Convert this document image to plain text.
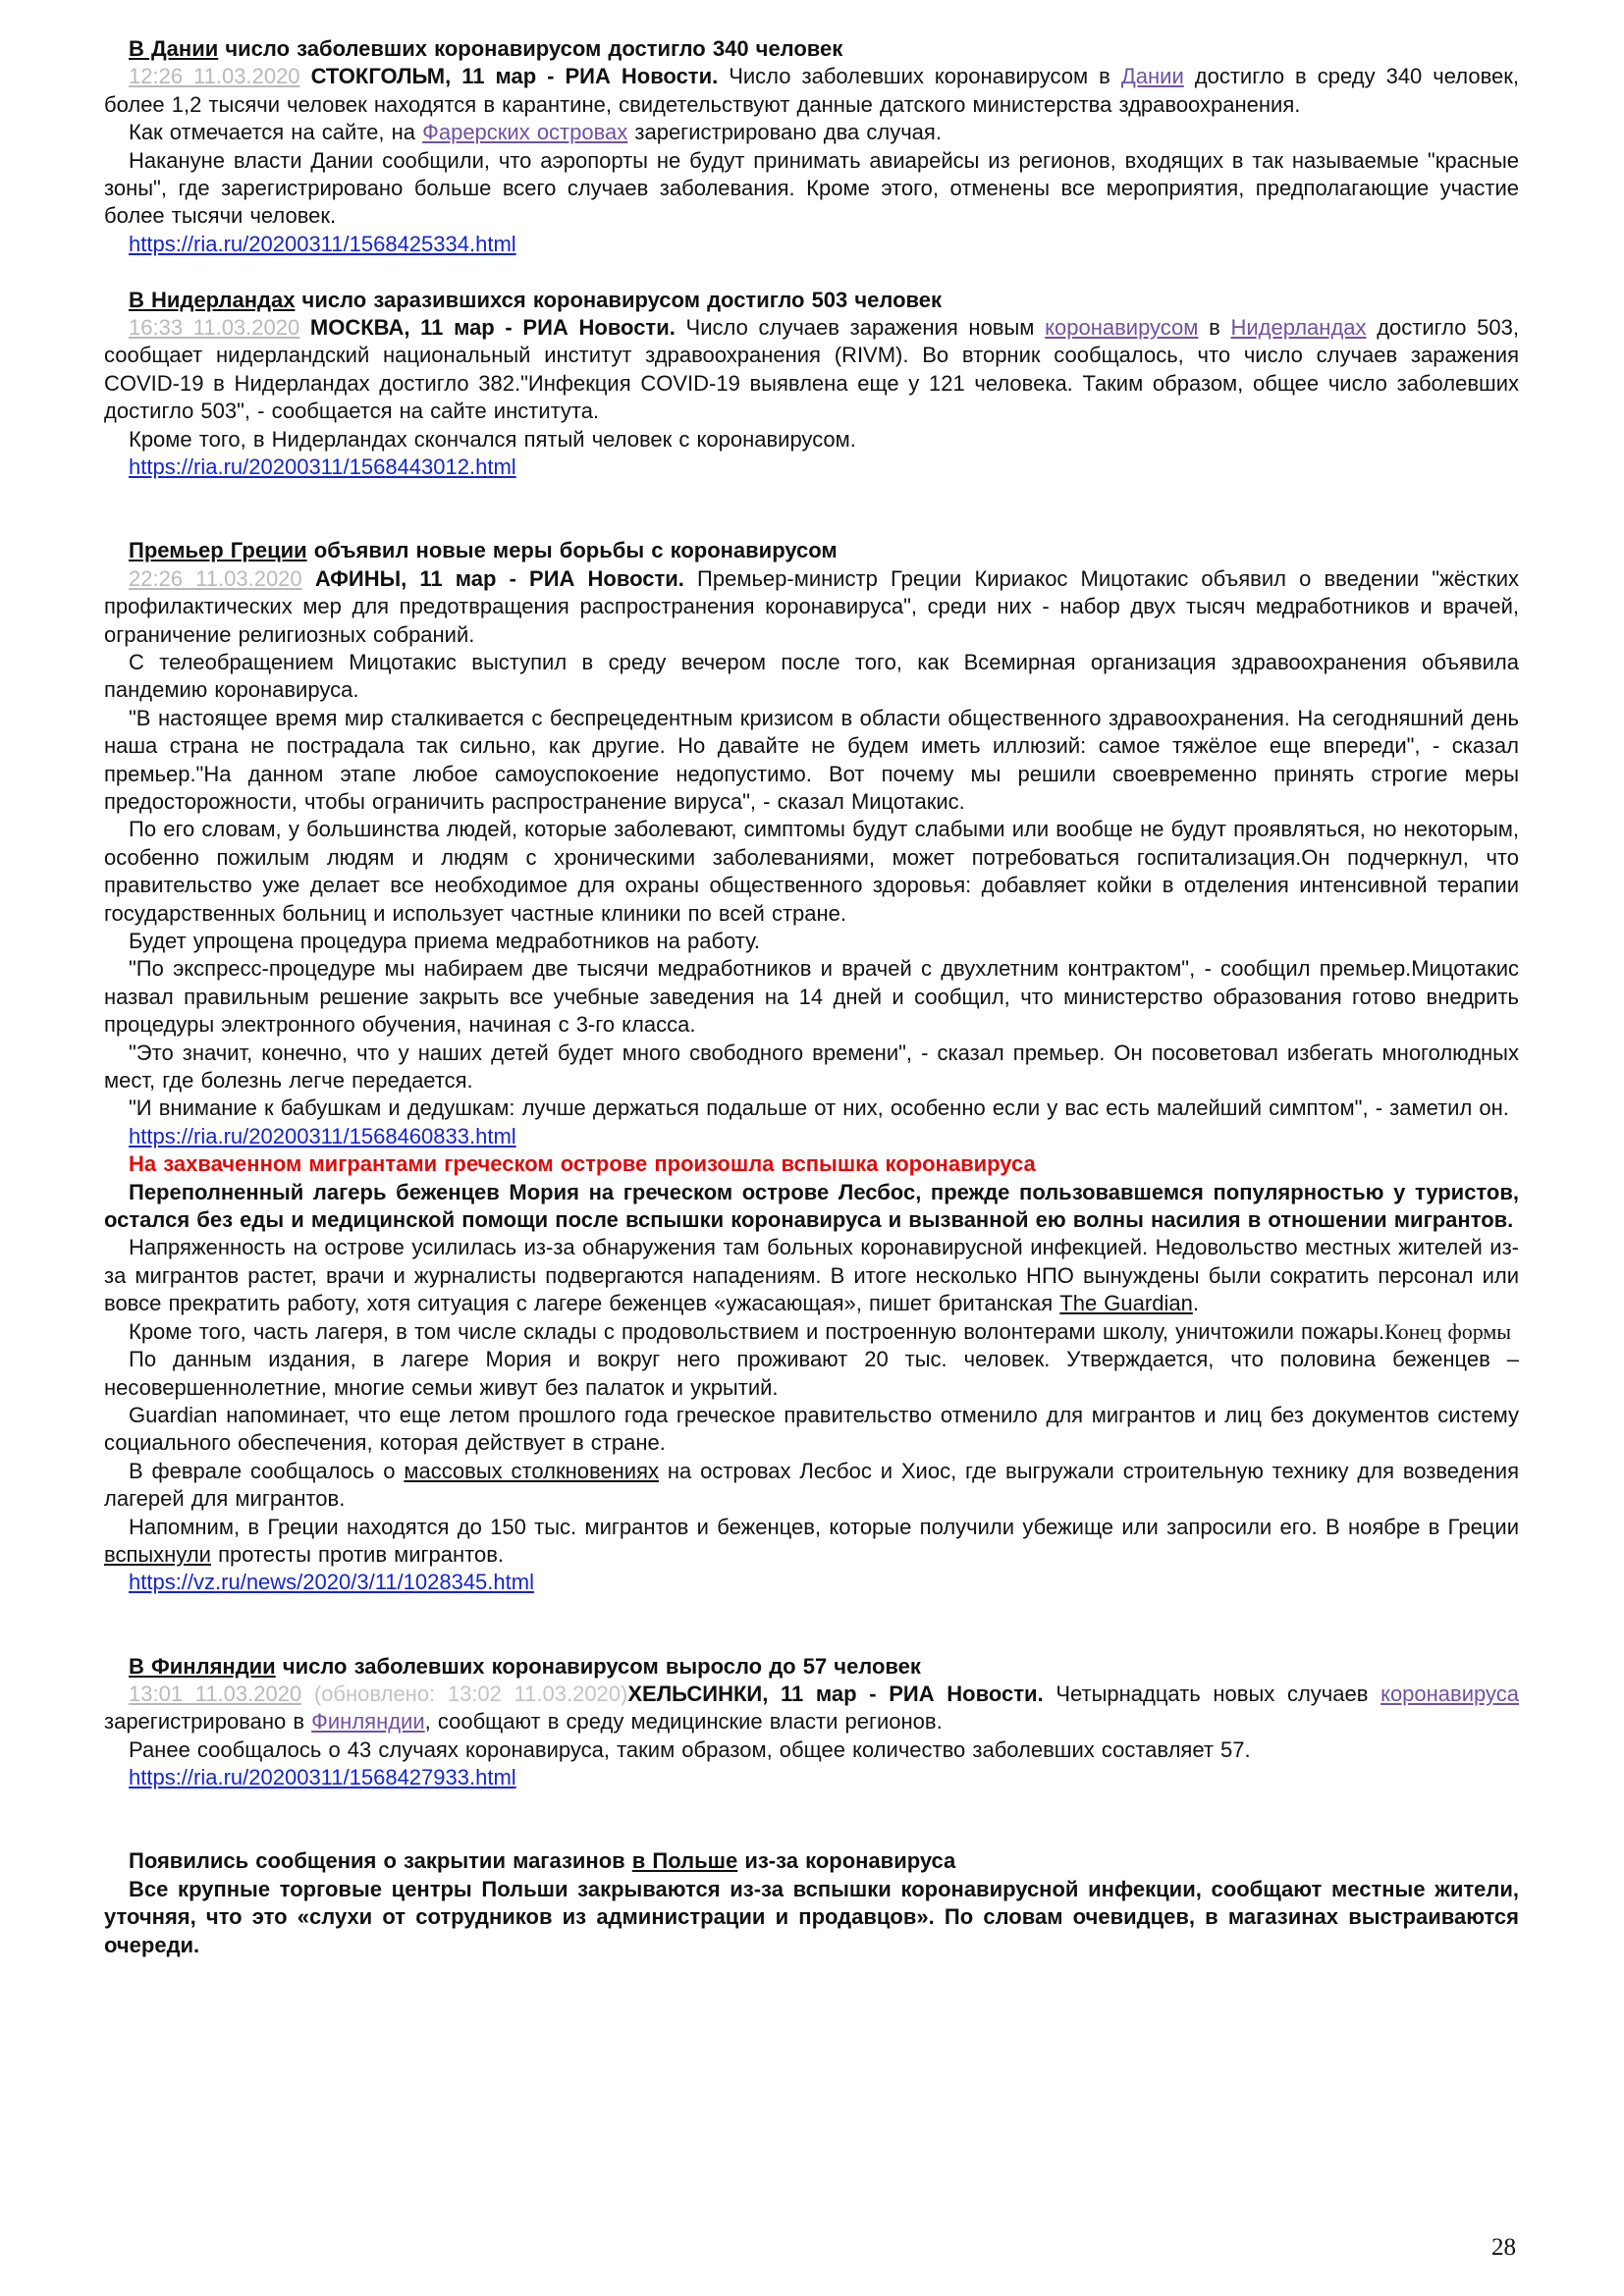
В Дании число заболевших коронавирусом достигло 340 человек

12:26 11.03.2020 СТОКГОЛЬМ, 11 мар - РИА Новости. Число заболевших коронавирусом в Дании достигло в среду 340 человек, более 1,2 тысячи человек находятся в карантине, свидетельствуют данные датского министерства здравоохранения.

Как отмечается на сайте, на Фарерских островах зарегистрировано два случая.

Накануне власти Дании сообщили, что аэропорты не будут принимать авиарейсы из регионов, входящих в так называемые "красные зоны", где зарегистрировано больше всего случаев заболевания. Кроме этого, отменены все мероприятия, предполагающие участие более тысячи человек.

https://ria.ru/20200311/1568425334.html

В Нидерландах число заразившихся коронавирусом достигло 503 человек

16:33 11.03.2020 МОСКВА, 11 мар - РИА Новости. Число случаев заражения новым коронавирусом в Нидерландах достигло 503, сообщает нидерландский национальный институт здравоохранения (RIVM). Во вторник сообщалось, что число случаев заражения COVID-19 в Нидерландах достигло 382."Инфекция COVID-19 выявлена еще у 121 человека. Таким образом, общее число заболевших достигло 503", - сообщается на сайте института.

Кроме того, в Нидерландах скончался пятый человек с коронавирусом.

https://ria.ru/20200311/1568443012.html

Премьер Греции объявил новые меры борьбы с коронавирусом

22:26 11.03.2020 АФИНЫ, 11 мар - РИА Новости. Премьер-министр Греции Кириакос Мицотакис объявил о введении "жёстких профилактических мер для предотвращения распространения коронавируса", среди них - набор двух тысяч медработников и врачей, ограничение религиозных собраний.

С телеобращением Мицотакис выступил в среду вечером после того, как Всемирная организация здравоохранения объявила пандемию коронавируса.

"В настоящее время мир сталкивается с беспрецедентным кризисом в области общественного здравоохранения. На сегодняшний день наша страна не пострадала так сильно, как другие. Но давайте не будем иметь иллюзий: самое тяжёлое еще впереди", - сказал премьер."На данном этапе любое самоуспокоение недопустимо. Вот почему мы решили своевременно принять строгие меры предосторожности, чтобы ограничить распространение вируса", - сказал Мицотакис.

По его словам, у большинства людей, которые заболевают, симптомы будут слабыми или вообще не будут проявляться, но некоторым, особенно пожилым людям и людям с хроническими заболеваниями, может потребоваться госпитализация.Он подчеркнул, что правительство уже делает все необходимое для охраны общественного здоровья: добавляет койки в отделения интенсивной терапии государственных больниц и использует частные клиники по всей стране.

Будет упрощена процедура приема медработников на работу.

"По экспресс-процедуре мы набираем две тысячи медработников и врачей с двухлетним контрактом", - сообщил премьер.Мицотакис назвал правильным решение закрыть все учебные заведения на 14 дней и сообщил, что министерство образования готово внедрить процедуры электронного обучения, начиная с 3-го класса.

"Это значит, конечно, что у наших детей будет много свободного времени", - сказал премьер. Он посоветовал избегать многолюдных мест, где болезнь легче передается.

"И внимание к бабушкам и дедушкам: лучше держаться подальше от них, особенно если у вас есть малейший симптом", - заметил он.

https://ria.ru/20200311/1568460833.html

На захваченном мигрантами греческом острове произошла вспышка коронавируса

Переполненный лагерь беженцев Мория на греческом острове Лесбос, прежде пользовавшемся популярностью у туристов, остался без еды и медицинской помощи после вспышки коронавируса и вызванной ею волны насилия в отношении мигрантов.

Напряженность на острове усилилась из-за обнаружения там больных коронавирусной инфекцией. Недовольство местных жителей из-за мигрантов растет, врачи и журналисты подвергаются нападениям. В итоге несколько НПО вынуждены были сократить персонал или вовсе прекратить работу, хотя ситуация с лагере беженцев «ужасающая», пишет британская The Guardian.

Кроме того, часть лагеря, в том числе склады с продовольствием и построенную волонтерами школу, уничтожили пожары.Конец формы

По данным издания, в лагере Мория и вокруг него проживают 20 тыс. человек. Утверждается, что половина беженцев – несовершеннолетние, многие семьи живут без палаток и укрытий.

Guardian напоминает, что еще летом прошлого года греческое правительство отменило для мигрантов и лиц без документов систему социального обеспечения, которая действует в стране.

В феврале сообщалось о массовых столкновениях на островах Лесбос и Хиос, где выгружали строительную технику для возведения лагерей для мигрантов.

Напомним, в Греции находятся до 150 тыс. мигрантов и беженцев, которые получили убежище или запросили его. В ноябре в Греции вспыхнули протесты против мигрантов.

https://vz.ru/news/2020/3/11/1028345.html

В Финляндии число заболевших коронавирусом выросло до 57 человек

13:01 11.03.2020 (обновлено: 13:02 11.03.2020)ХЕЛЬСИНКИ, 11 мар - РИА Новости. Четырнадцать новых случаев коронавируса зарегистрировано в Финляндии, сообщают в среду медицинские власти регионов.

Ранее сообщалось о 43 случаях коронавируса, таким образом, общее количество заболевших составляет 57.

https://ria.ru/20200311/1568427933.html

Появились сообщения о закрытии магазинов в Польше из-за коронавируса

Все крупные торговые центры Польши закрываются из-за вспышки коронавирусной инфекции, сообщают местные жители, уточняя, что это «слухи от сотрудников из администрации и продавцов». По словам очевидцев, в магазинах выстраиваются очереди.

28
